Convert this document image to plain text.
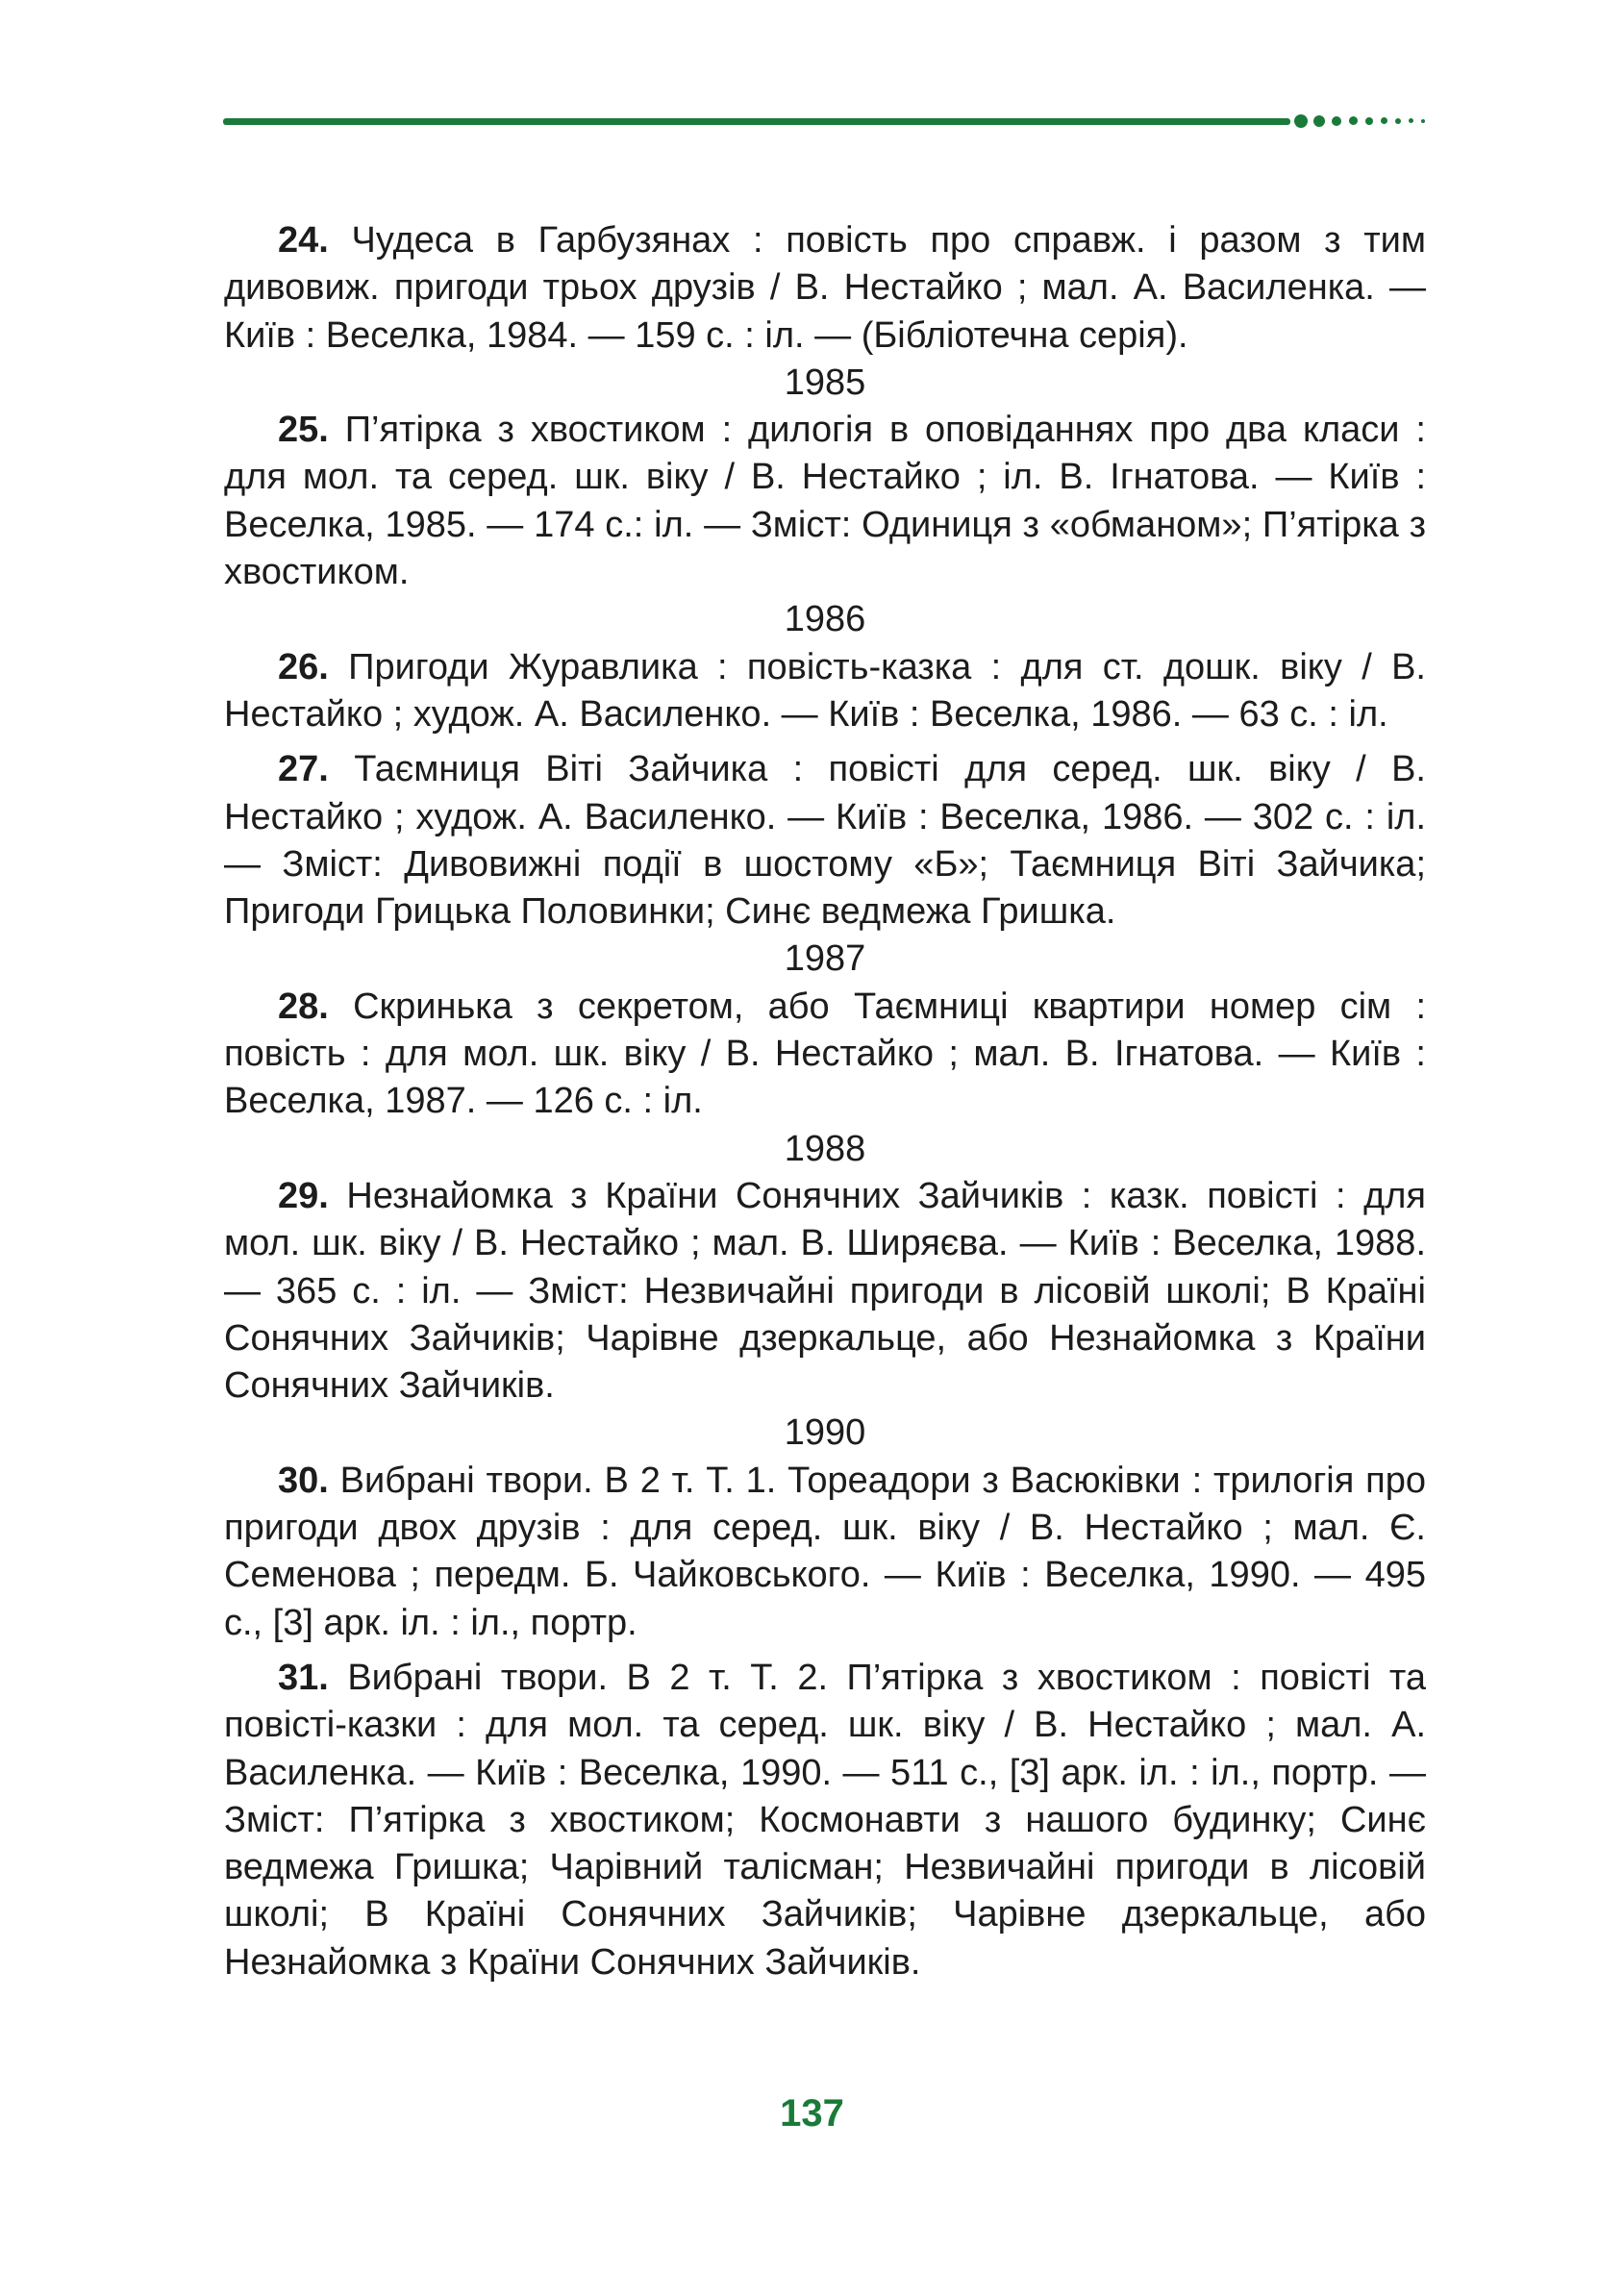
24. Чудеса в Гарбузянах : повість про справж. і разом з тим дивовиж. пригоди трьох друзів / В. Нестайко ; мал. А. Василенка. — Київ : Веселка, 1984. — 159 с. : іл. — (Бібліотечна серія).

1985

25. П’ятірка з хвостиком : дилогія в оповіданнях про два класи : для мол. та серед. шк. віку / В. Нестайко ; іл. В. Ігнатова. — Київ : Веселка, 1985. — 174 с.: іл. — Зміст: Одиниця з «обманом»; П’ятірка з хвостиком.

1986

26. Пригоди Журавлика : повість-казка : для ст. дошк. віку / В. Нестайко ; худож. А. Василенко. — Київ : Веселка, 1986. — 63 с. : іл.

27. Таємниця Віті Зайчика : повісті для серед. шк. віку / В. Нестайко ; худож. А. Василенко. — Київ : Веселка, 1986. — 302 с. : іл. — Зміст: Дивовижні події в шостому «Б»; Таємниця Віті Зайчика; Пригоди Грицька Половинки; Синє ведмежа Гришка.

1987

28. Скринька з секретом, або Таємниці квартири номер сім : повість : для мол. шк. віку / В. Нестайко ; мал. В. Ігнатова. — Київ : Веселка, 1987. — 126 с. : іл.

1988

29. Незнайомка з Країни Сонячних Зайчиків : казк. повісті : для мол. шк. віку / В. Нестайко ; мал. В. Ширяєва. — Київ : Веселка, 1988. — 365 с. : іл. — Зміст: Незвичайні пригоди в лісовій школі; В Країні Сонячних Зайчиків; Чарівне дзеркальце, або Незнайомка з Країни Сонячних Зайчиків.

1990

30. Вибрані твори. В 2 т. Т. 1. Тореадори з Васюківки : трилогія про пригоди двох друзів : для серед. шк. віку / В. Нестайко ; мал. Є. Семенова ; передм. Б. Чайковського. — Київ : Веселка, 1990. — 495 с., [3] арк. іл. : іл., портр.

31. Вибрані твори. В 2 т. Т. 2. П’ятірка з хвостиком : повісті та повісті-казки : для мол. та серед. шк. віку / В. Нестайко ; мал. А. Василенка. — Київ : Веселка, 1990. — 511 с., [3] арк. іл. : іл., портр. — Зміст: П’ятірка з хвостиком; Космонавти з нашого будинку; Синє ведмежа Гришка; Чарівний талісман; Незвичайні пригоди в лісовій школі; В Країні Сонячних Зайчиків; Чарівне дзеркальце, або Незнайомка з Країни Сонячних Зайчиків.

137
